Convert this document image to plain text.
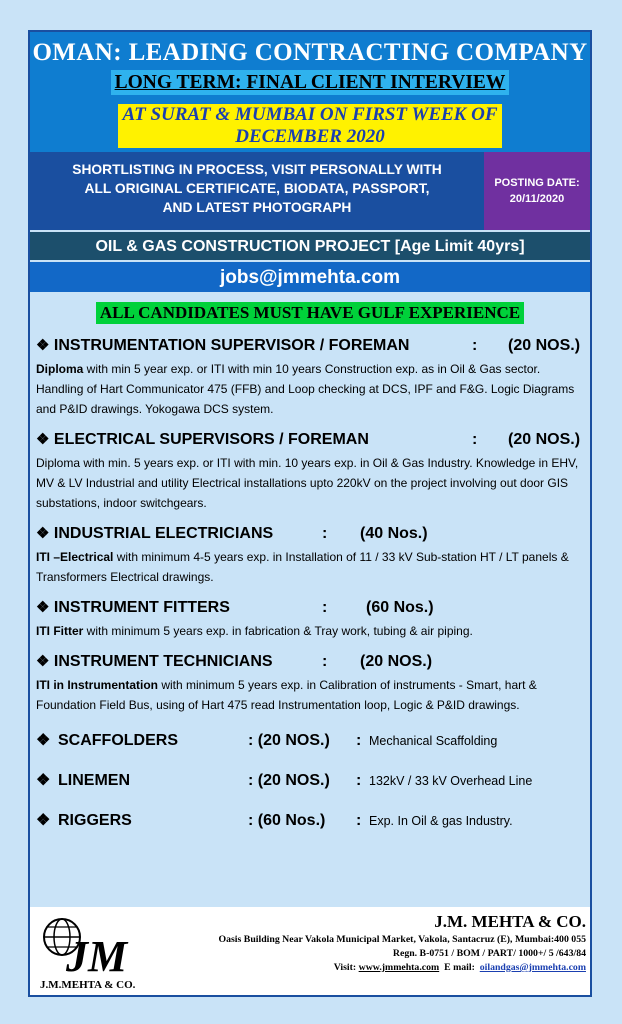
OMAN: LEADING CONTRACTING COMPANY
LONG TERM: FINAL CLIENT INTERVIEW
AT SURAT & MUMBAI ON FIRST WEEK OF
DECEMBER 2020
SHORTLISTING IN PROCESS, VISIT PERSONALLY WITH
ALL ORIGINAL CERTIFICATE, BIODATA, PASSPORT,
AND LATEST PHOTOGRAPH
POSTING DATE:
20/11/2020
OIL & GAS CONSTRUCTION PROJECT [Age Limit 40yrs]
jobs@jmmehta.com
ALL CANDIDATES MUST HAVE GULF EXPERIENCE
❖ INSTRUMENTATION SUPERVISOR / FOREMAN	: (20 NOS.)
Diploma with min 5 year exp. or ITI with min 10 years Construction exp. as in Oil & Gas sector. Handling of Hart Communicator 475 (FFB) and Loop checking at DCS, IPF and F&G. Logic Diagrams and P&ID drawings. Yokogawa DCS system.
❖ ELECTRICAL SUPERVISORS / FOREMAN	: (20 NOS.)
Diploma with min. 5 years exp. or ITI with min. 10 years exp. in Oil & Gas Industry. Knowledge in EHV, MV & LV Industrial and utility Electrical installations upto 220kV on the project involving out door GIS substations, indoor switchgears.
❖ INDUSTRIAL ELECTRICIANS	: (40 Nos.)
ITI –Electrical with minimum 4-5 years exp. in Installation of 11 / 33 kV Sub-station HT / LT panels & Transformers Electrical drawings.
❖ INSTRUMENT FITTERS	: (60 Nos.)
ITI Fitter with minimum 5 years exp. in fabrication & Tray work, tubing & air piping.
❖ INSTRUMENT TECHNICIANS	: (20 NOS.)
ITI in Instrumentation with minimum 5 years exp. in Calibration of instruments - Smart, hart & Foundation Field Bus, using of Hart 475 read Instrumentation loop, Logic & P&ID drawings.
❖ SCAFFOLDERS	: (20 NOS.) : Mechanical Scaffolding
❖ LINEMEN	: (20 NOS.) : 132kV / 33 kV Overhead Line
❖ RIGGERS	: (60 Nos.) : Exp. In Oil & gas Industry.
JM
J.M.MEHTA & CO.
J.M. MEHTA & CO.
Oasis Building Near Vakola Municipal Market, Vakola, Santacruz (E), Mumbai:400 055
Regn. B-0751 / BOM / PART/ 1000+/ 5 /643/84
Visit: www.jmmehta.com  E mail:  oilandgas@jmmehta.com
